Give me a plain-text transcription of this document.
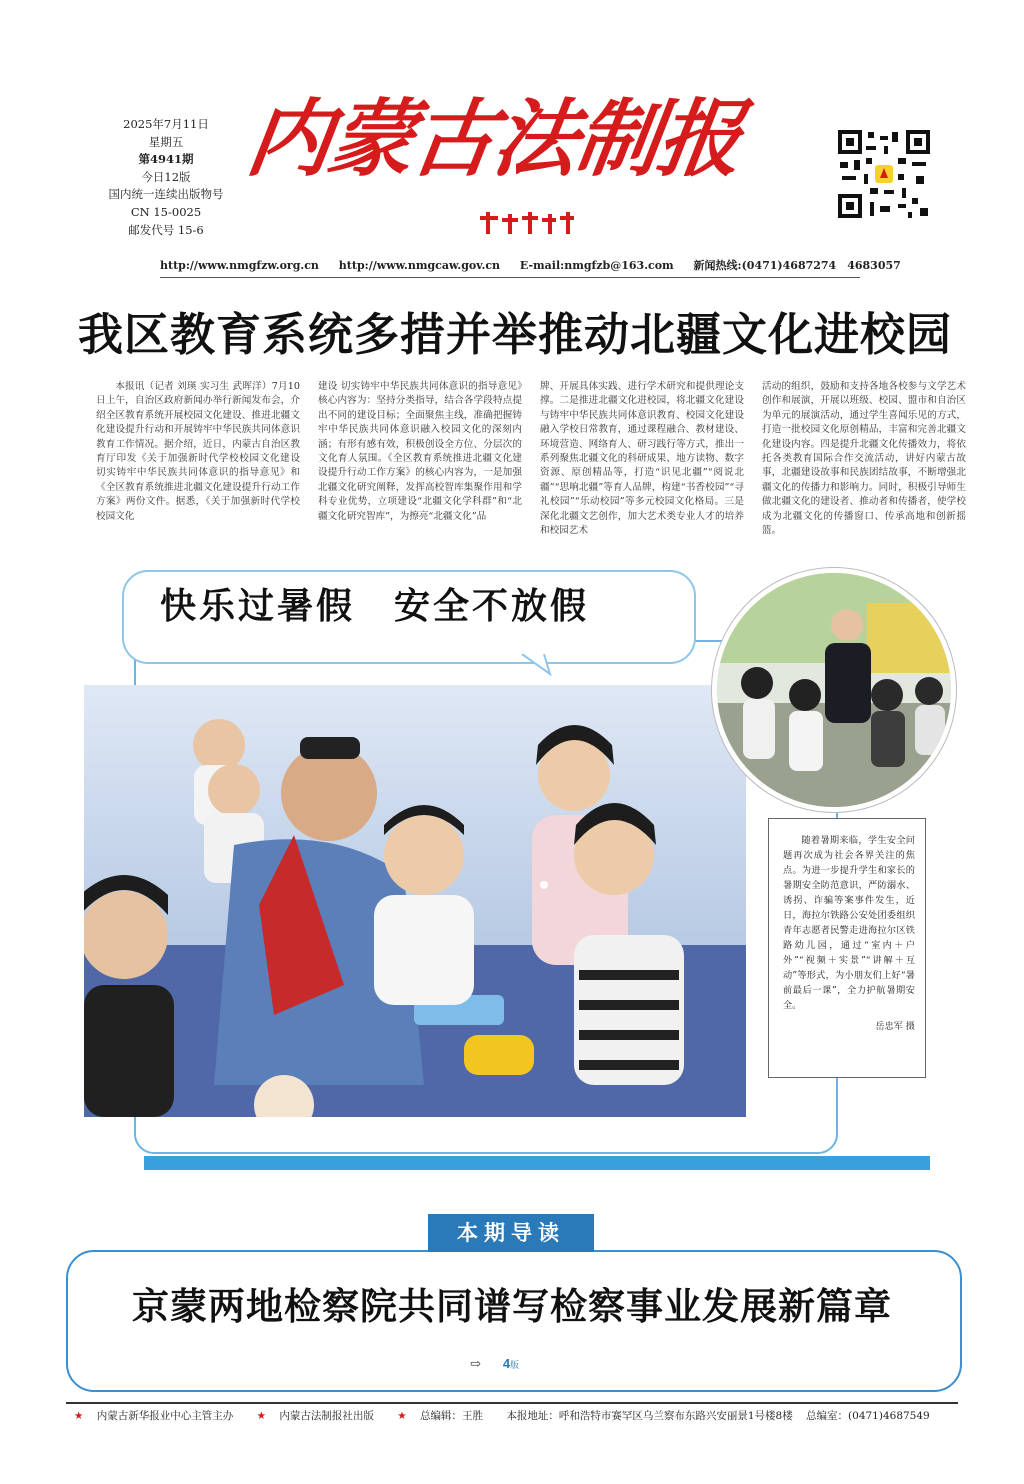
2025年7月11日
星期五
第4941期
今日12版
国内统一连续出版物号
CN 15-0025
邮发代号 15-6
内蒙古法制报
http://www.nmgfzw.org.cn http://www.nmgcaw.gov.cn E-mail:nmgfzb@163.com 新闻热线:(0471)4687274　4683057
我区教育系统多措并举推动北疆文化进校园

本报讯（记者 刘瑛 实习生 武晖洋）7月10日上午，自治区政府新闻办举行新闻发布会，介绍全区教育系统开展校园文化建设、推进北疆文化建设提升行动和开展铸牢中华民族共同体意识教育工作情况。据介绍，近日，内蒙古自治区教育厅印发《关于加强新时代学校校园文化建设 切实铸牢中华民族共同体意识的指导意见》和《全区教育系统推进北疆文化建设提升行动工作方案》两份文件。据悉，《关于加强新时代学校校园文化

建设 切实铸牢中华民族共同体意识的指导意见》核心内容为：坚持分类指导，结合各学段特点提出不同的建设目标；全面聚焦主线，准确把握铸牢中华民族共同体意识融入校园文化的深刻内涵；有形有感有效，积极创设全方位、分层次的文化育人氛围。《全区教育系统推进北疆文化建设提升行动工作方案》的核心内容为，一是加强北疆文化研究阐释，发挥高校智库集聚作用和学科专业优势，立项建设“北疆文化学科群”和“北疆文化研究智库”，为擦亮“北疆文化”品

牌、开展具体实践、进行学术研究和提供理论支撑。二是推进北疆文化进校园，将北疆文化建设与铸牢中华民族共同体意识教育、校园文化建设融入学校日常教育，通过课程融合、教材建设、环境营造、网络育人、研习践行等方式，推出一系列聚焦北疆文化的科研成果、地方读物、数字资源、原创精品等，打造“识见北疆”“阅说北疆”“思响北疆”等育人品牌，构建“书香校园”“寻礼校园”“乐动校园”等多元校园文化格局。三是深化北疆文艺创作，加大艺术类专业人才的培养和校园艺术

活动的组织，鼓励和支持各地各校参与文学艺术创作和展演，开展以班级、校园、盟市和自治区为单元的展演活动，通过学生喜闻乐见的方式，打造一批校园文化原创精品，丰富和完善北疆文化建设内容。四是提升北疆文化传播效力，将依托各类教育国际合作交流活动，讲好内蒙古故事，北疆建设故事和民族团结故事，不断增强北疆文化的传播力和影响力。同时，积极引导师生做北疆文化的建设者、推动者和传播者，使学校成为北疆文化的传播窗口、传承高地和创新摇篮。

快乐过暑假　安全不放假

随着暑期来临，学生安全问题再次成为社会各界关注的焦点。为进一步提升学生和家长的暑期安全防范意识，严防溺水、诱拐、诈骗等案事件发生，近日，海拉尔铁路公安处团委组织青年志愿者民警走进海拉尔区铁路幼儿园，通过“室内＋户外”“视频＋实景”“讲解＋互动”等形式，为小朋友们上好“暑前最后一课”，全力护航暑期安全。

岳忠军 摄

本期导读
京蒙两地检察院共同谱写检察事业发展新篇章
⇨ 4版
★ 内蒙古新华报业中心主管主办 ★ 内蒙古法制报社出版 ★ 总编辑：王胜 本报地址：呼和浩特市赛罕区乌兰察布东路兴安丽景1号楼8楼 总编室：(0471)4687549
